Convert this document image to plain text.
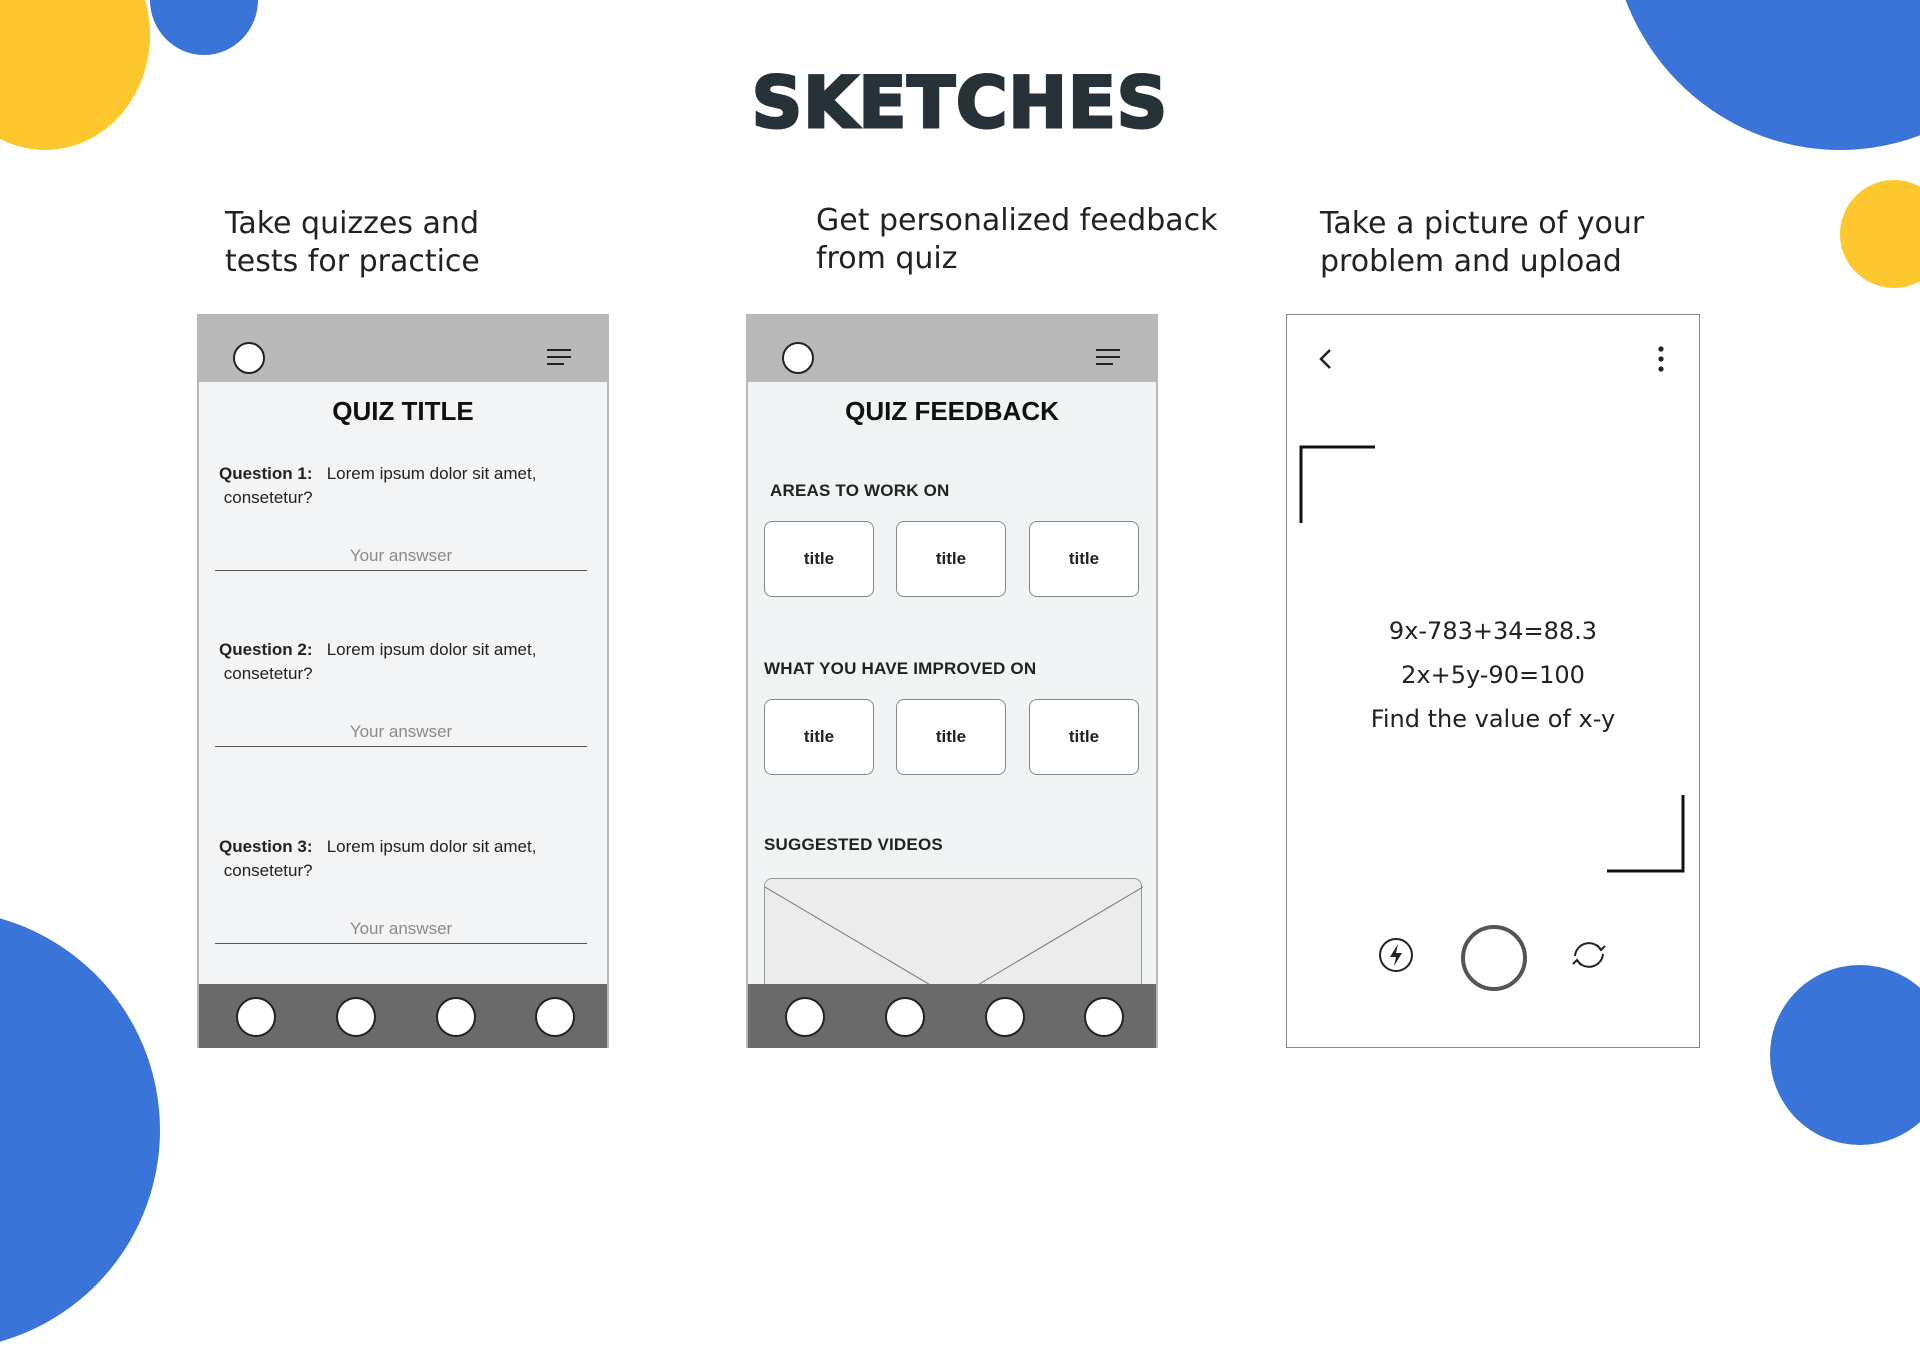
SKETCHES
Take quizzes and
tests for practice
Get personalized feedback
from quiz
Take a picture of your
problem and upload
QUIZ TITLE
Question 1: Lorem ipsum dolor sit amet,
consetetur?
Your answser
Question 2: Lorem ipsum dolor sit amet,
consetetur?
Your answser
Question 3: Lorem ipsum dolor sit amet,
consetetur?
Your answser
QUIZ FEEDBACK
AREAS TO WORK ON
title	title	title
WHAT YOU HAVE IMPROVED ON
title	title	title
SUGGESTED VIDEOS
9x-783+34=88.3
2x+5y-90=100
Find the value of x-y
